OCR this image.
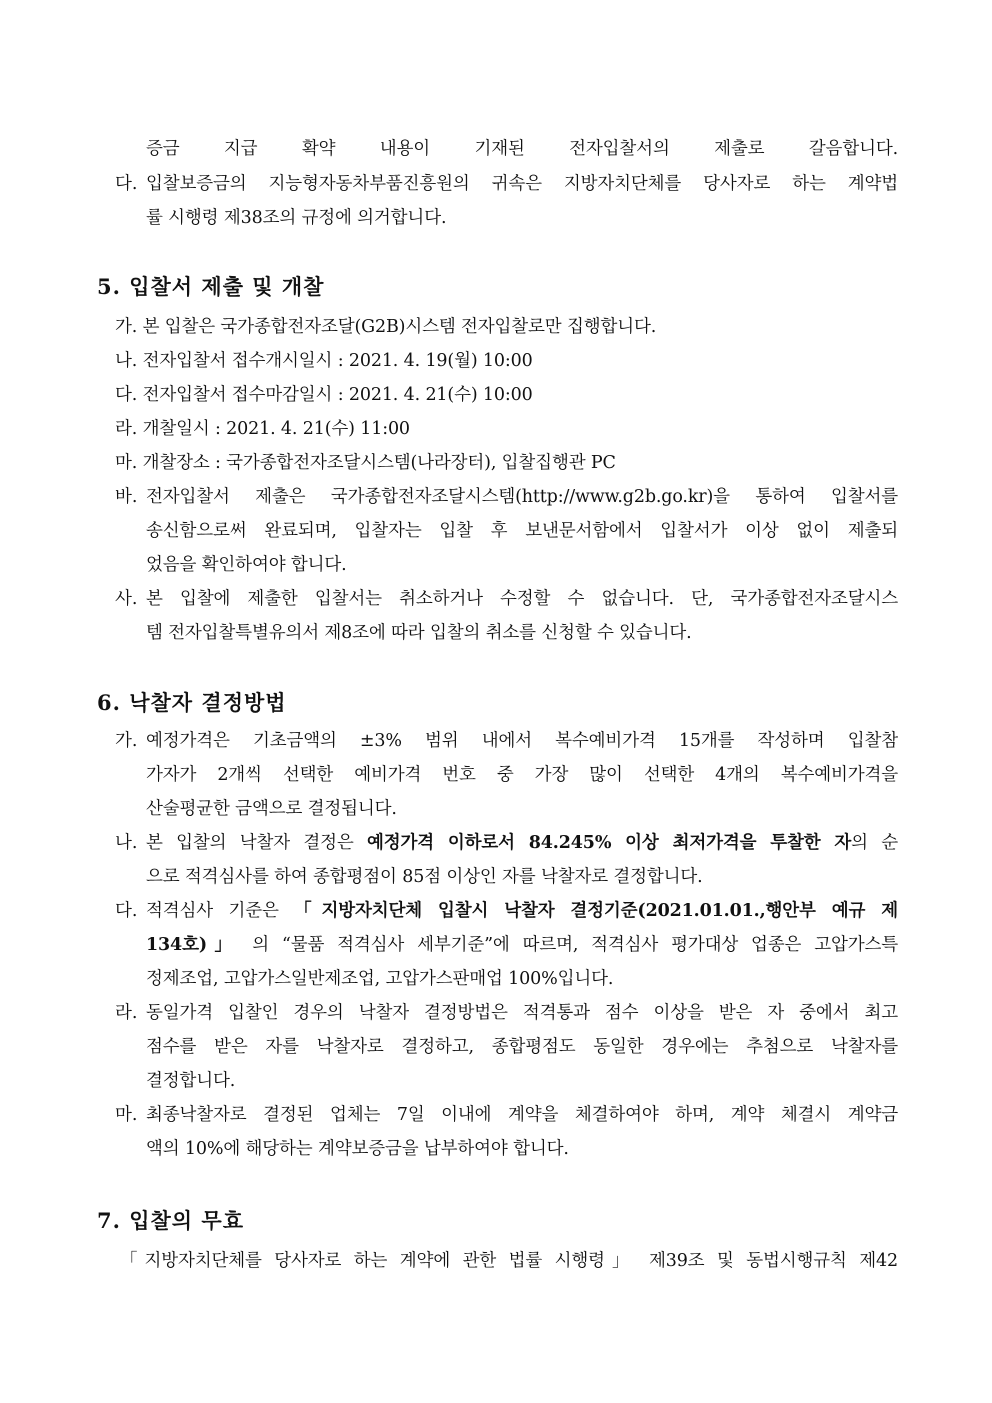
증금 지급 확약 내용이 기재된 전자입찰서의 제출로 갈음합니다.
다. 입찰보증금의 지능형자동차부품진흥원의 귀속은 지방자치단체를 당사자로 하는 계약법
률 시행령 제38조의 규정에 의거합니다.
5. 입찰서 제출 및 개찰
가. 본 입찰은 국가종합전자조달(G2B)시스템 전자입찰로만 집행합니다.
나. 전자입찰서 접수개시일시 : 2021. 4. 19(월) 10:00
다. 전자입찰서 접수마감일시 : 2021. 4. 21(수) 10:00
라. 개찰일시 : 2021. 4. 21(수) 11:00
마. 개찰장소 : 국가종합전자조달시스템(나라장터), 입찰집행관 PC
바. 전자입찰서 제출은 국가종합전자조달시스템(http://www.g2b.go.kr)을 통하여 입찰서를
송신함으로써 완료되며, 입찰자는 입찰 후 보낸문서함에서 입찰서가 이상 없이 제출되
었음을 확인하여야 합니다.
사. 본 입찰에 제출한 입찰서는 취소하거나 수정할 수 없습니다. 단, 국가종합전자조달시스
템 전자입찰특별유의서 제8조에 따라 입찰의 취소를 신청할 수 있습니다.
6. 낙찰자 결정방법
가. 예정가격은 기초금액의 ±3% 범위 내에서 복수예비가격 15개를 작성하며 입찰참
가자가 2개씩 선택한 예비가격 번호 중 가장 많이 선택한 4개의 복수예비가격을
산술평균한 금액으로 결정됩니다.
나. 본 입찰의 낙찰자 결정은 예정가격 이하로서 84.245% 이상 최저가격을 투찰한 자의 순
으로 적격심사를 하여 종합평점이 85점 이상인 자를 낙찰자로 결정합니다.
다. 적격심사 기준은 「지방자치단체 입찰시 낙찰자 결정기준(2021.01.01.,행안부 예규 제
134호)」 의 “물품 적격심사 세부기준”에 따르며, 적격심사 평가대상 업종은 고압가스특
정제조업, 고압가스일반제조업, 고압가스판매업 100%입니다.
라. 동일가격 입찰인 경우의 낙찰자 결정방법은 적격통과 점수 이상을 받은 자 중에서 최고
점수를 받은 자를 낙찰자로 결정하고, 종합평점도 동일한 경우에는 추첨으로 낙찰자를
결정합니다.
마. 최종낙찰자로 결정된 업체는 7일 이내에 계약을 체결하여야 하며, 계약 체결시 계약금
액의 10%에 해당하는 계약보증금을 납부하여야 합니다.
7. 입찰의 무효
「지방자치단체를 당사자로 하는 계약에 관한 법률 시행령」 제39조 및 동법시행규칙 제42
